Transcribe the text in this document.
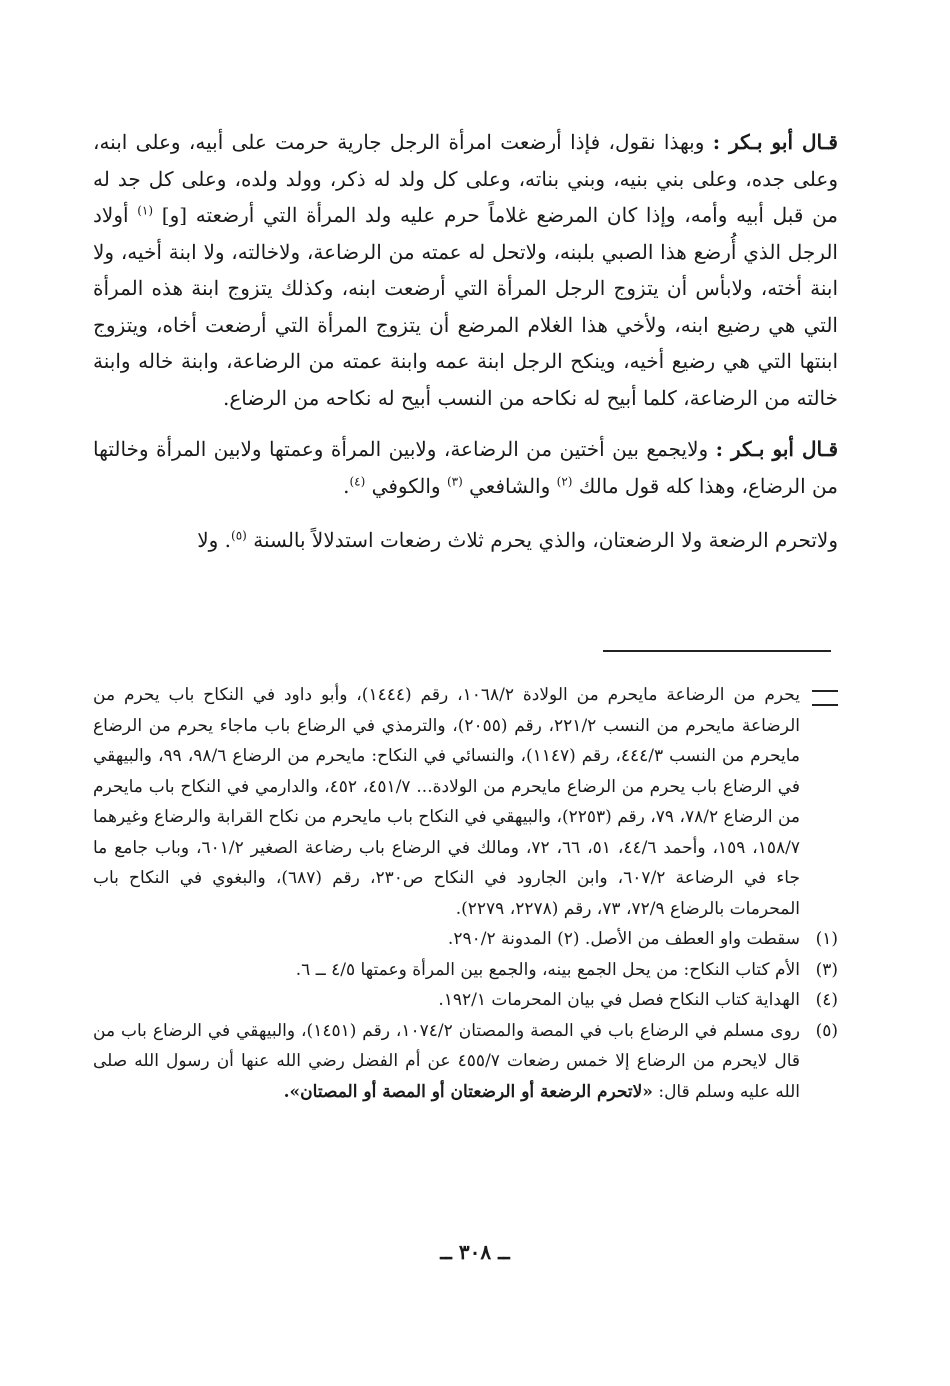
قـال أبو بـكر : وبهذا نقول، فإذا أرضعت امرأة الرجل جارية حرمت على أبيه، وعلى ابنه، وعلى جده، وعلى بني بنيه، وبني بناته، وعلى كل ولد له ذكر، وولد ولده، وعلى كل جد له من قبل أبيه وأمه، وإذا كان المرضع غلاماً حرم عليه ولد المرأة التي أرضعته [و] $^{(١)}$ أولاد الرجل الذي أُرضع هذا الصبي بلبنه، ولاتحل له عمته من الرضاعة، ولاخالته، ولا ابنة أخيه، ولا ابنة أخته، ولابأس أن يتزوج الرجل المرأة التي أرضعت ابنه، وكذلك يتزوج ابنة هذه المرأة التي هي رضيع ابنه، ولأخي هذا الغلام المرضع أن يتزوج المرأة التي أرضعت أخاه، ويتزوج ابنتها التي هي رضيع أخيه، وينكح الرجل ابنة عمه وابنة عمته من الرضاعة، وابنة خاله وابنة خالته من الرضاعة، كلما أبيح له نكاحه من النسب أبيح له نكاحه من الرضاع.

قـال أبو بـكر : ولايجمع بين أختين من الرضاعة، ولابين المرأة وعمتها ولابين المرأة وخالتها من الرضاع، وهذا كله قول مالك $^{(٢)}$ والشافعي $^{(٣)}$ والكوفي $^{(٤)}$.

ولاتحرم الرضعة ولا الرضعتان، والذي يحرم ثلاث رضعات استدلالاً بالسنة $^{(٥)}$. ولا

يحرم من الرضاعة مايحرم من الولادة ١٠٦٨/٢، رقم (١٤٤٤)، وأبو داود في النكاح باب يحرم من الرضاعة مايحرم من النسب ٢٢١/٢، رقم (٢٠٥٥)، والترمذي في الرضاع باب ماجاء يحرم من الرضاع مايحرم من النسب ٤٤٤/٣، رقم (١١٤٧)، والنسائي في النكاح: مايحرم من الرضاع ٩٨/٦، ٩٩، والبيهقي في الرضاع باب يحرم من الرضاع مايحرم من الولادة... ٤٥١/٧، ٤٥٢، والدارمي في النكاح باب مايحرم من الرضاع ٧٨/٢، ٧٩، رقم (٢٢٥٣)، والبيهقي في النكاح باب مايحرم من نكاح القرابة والرضاع وغيرهما ١٥٨/٧، ١٥٩، وأحمد ٤٤/٦، ٥١، ٦٦، ٧٢، ومالك في الرضاع باب رضاعة الصغير ٦٠١/٢، وباب جامع ما جاء في الرضاعة ٦٠٧/٢، وابن الجارود في النكاح ص٢٣٠، رقم (٦٨٧)، والبغوي في النكاح باب المحرمات بالرضاع ٧٢/٩، ٧٣، رقم (٢٢٧٨، ٢٢٧٩).
(١)
سقطت واو العطف من الأصل. (٢) المدونة ٢٩٠/٢.
(٣)
الأم كتاب النكاح: من يحل الجمع بينه، والجمع بين المرأة وعمتها ٤/٥ ــ ٦.
(٤)
الهداية كتاب النكاح فصل في بيان المحرمات ١٩٢/١.
(٥)
روى مسلم في الرضاع باب في المصة والمصتان ١٠٧٤/٢، رقم (١٤٥١)، والبيهقي في الرضاع باب من قال لايحرم من الرضاع إلا خمس رضعات ٤٥٥/٧ عن أم الفضل رضي الله عنها أن رسول الله صلى الله عليه وسلم قال: «لاتحرم الرضعة أو الرضعتان أو المصة أو المصتان».
ــ ٣٠٨ ــ
